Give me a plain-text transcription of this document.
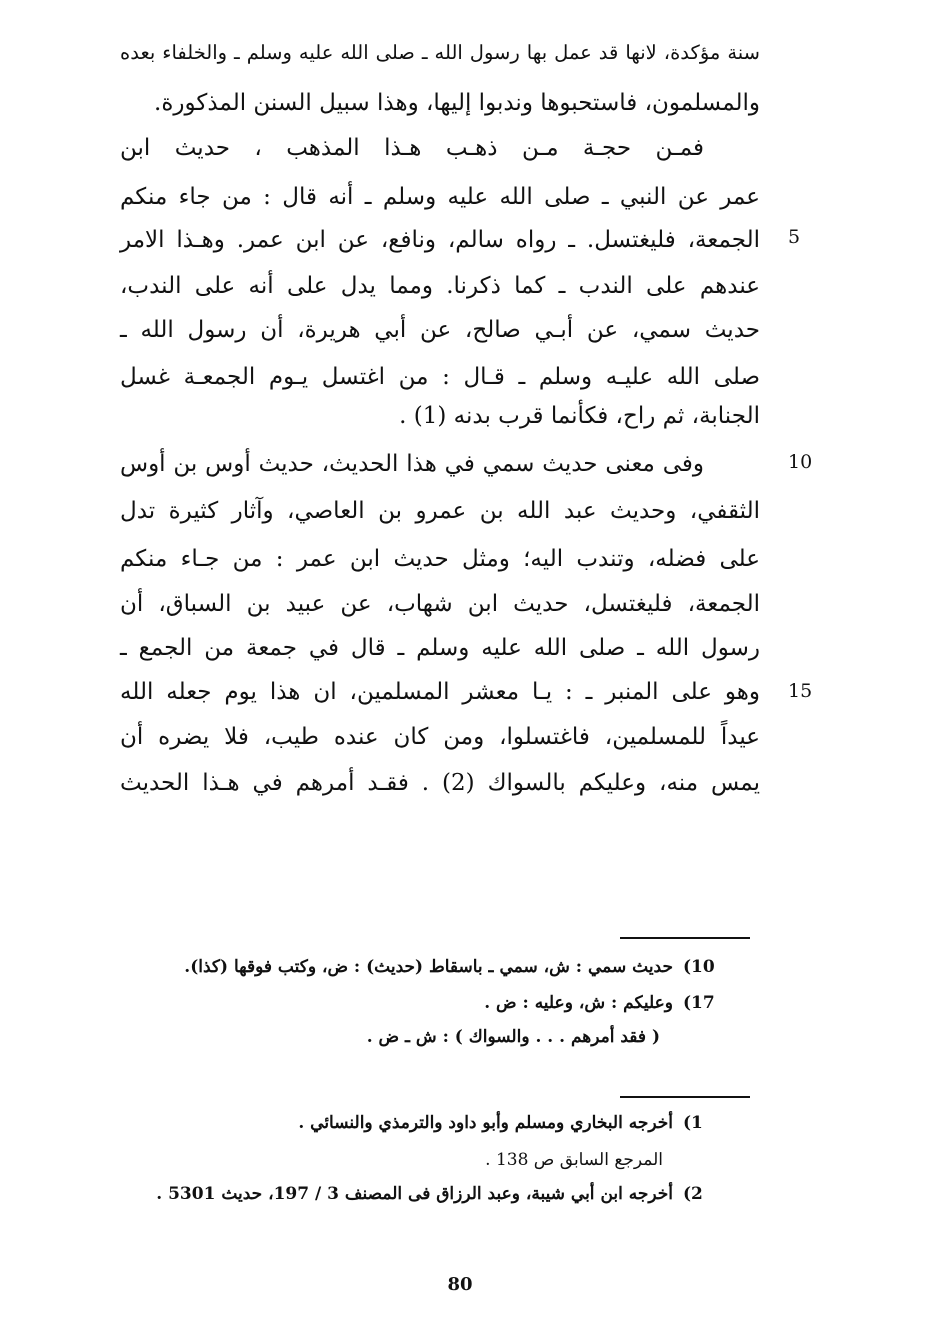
سنة مؤكدة، لانها قد عمل بها رسول الله ـ صلى الله عليه وسلم ـ والخلفاء بعده
والمسلمون، فاستحبوها وندبوا إليها، وهذا سبيل السنن المذكورة.
فمـن حجـة مـن ذهـب هـذا المذهب ، حديث ابن
عمر عن النبي ـ صلى الله عليه وسلم ـ أنه قال : من جاء منكم
الجمعة، فليغتسل. ـ رواه سالم، ونافع، عن ابن عمر. وهـذا الامر
عندهم على الندب ـ كما ذكرنا. ومما يدل على أنه على الندب،
حديث سمي، عن أبـي صالح، عن أبي هريرة، أن رسول الله ـ
صلى الله عليـه وسلم ـ قـال : من اغتسل يـوم الجمعـة غسل
الجنابة، ثم راح، فكأنما قرب بدنه (1) .
وفى معنى حديث سمي في هذا الحديث، حديث أوس بن أوس
الثقفي، وحديث عبد الله بن عمرو بن العاصي، وآثار كثيرة تدل
على فضله، وتندب اليه؛ ومثل حديث ابن عمر : من جـاء منكم
الجمعة، فليغتسل، حديث ابن شهاب، عن عبيد بن السباق، أن
رسول الله ـ صلى الله عليه وسلم ـ قال في جمعة من الجمع ـ
وهو على المنبر ـ : يـا معشر المسلمين، ان هذا يوم جعله الله
عيداً للمسلمين، فاغتسلوا، ومن كان عنده طيب، فلا يضره أن
يمس منه، وعليكم بالسواك (2) . فقـد أمرهم في هـذا الحديث
5
10
15
10)حديث سمي : ش، سمي ـ باسقاط (حديث) : ض، وكتب فوقها (كذا).
17)وعليكم : ش، وعليه : ض .
( فقد أمرهم . . . والسواك ) : ش ـ ض .
1)أخرجه البخاري ومسلم وأبو داود والترمذي والنسائي .
المرجع السابق ص 138 .
2)أخرجه ابن أبي شيبة، وعبد الرزاق فى المصنف 3 / 197، حديث 5301 .
80
